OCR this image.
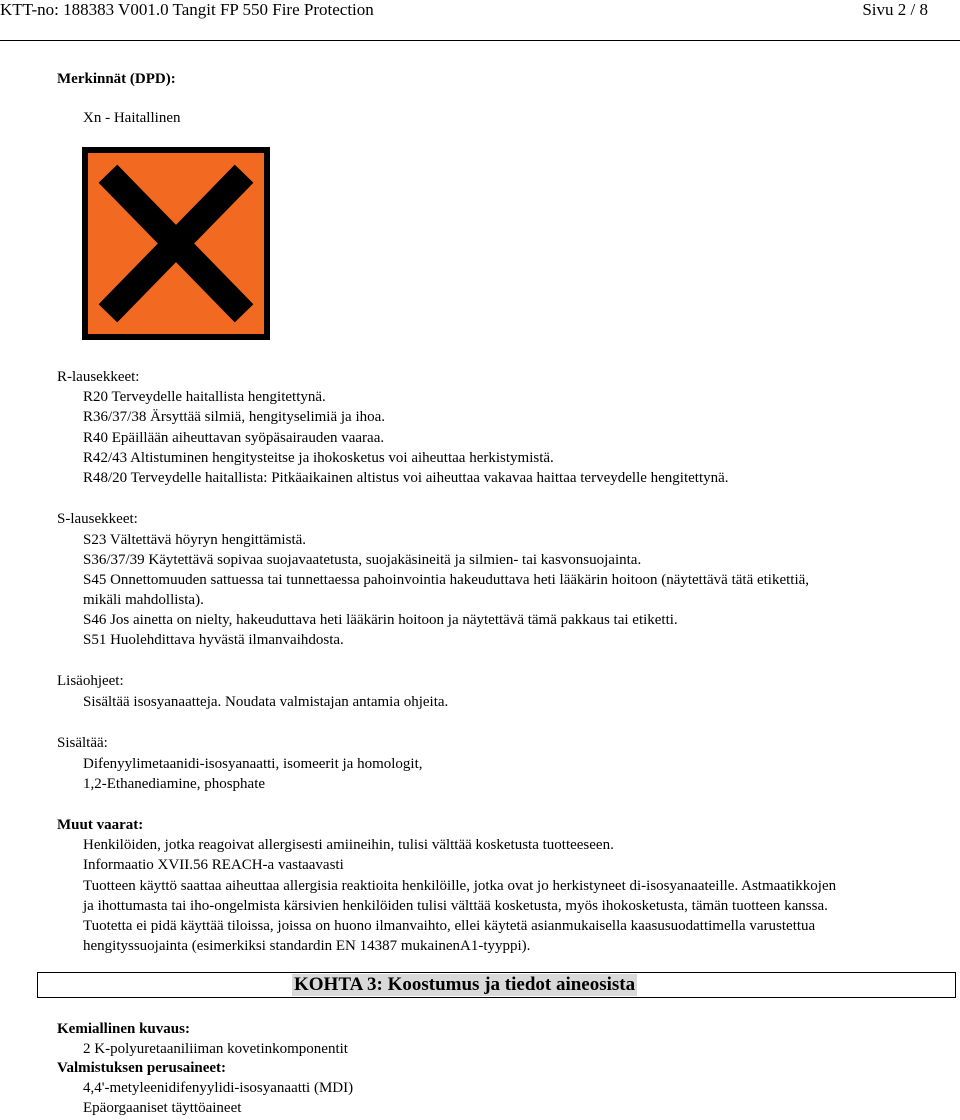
KTT-no: 188383 V001.0 Tangit FP 550 Fire Protection	Sivu 2 / 8
Merkinnät (DPD):
Xn - Haitallinen
R-lausekkeet:
R20 Terveydelle haitallista hengitettynä.
R36/37/38 Ärsyttää silmiä, hengityselimiä ja ihoa.
R40 Epäillään aiheuttavan syöpäsairauden vaaraa.
R42/43 Altistuminen hengitysteitse ja ihokosketus voi aiheuttaa herkistymistä.
R48/20 Terveydelle haitallista: Pitkäaikainen altistus voi aiheuttaa vakavaa haittaa terveydelle hengitettynä.
S-lausekkeet:
S23 Vältettävä höyryn hengittämistä.
S36/37/39 Käytettävä sopivaa suojavaatetusta, suojakäsineitä ja silmien- tai kasvonsuojainta.
S45 Onnettomuuden sattuessa tai tunnettaessa pahoinvointia hakeuduttava heti lääkärin hoitoon (näytettävä tätä etikettiä,
mikäli mahdollista).
S46 Jos ainetta on nielty, hakeuduttava heti lääkärin hoitoon ja näytettävä tämä pakkaus tai etiketti.
S51 Huolehdittava hyvästä ilmanvaihdosta.
Lisäohjeet:
Sisältää isosyanaatteja. Noudata valmistajan antamia ohjeita.
Sisältää:
Difenyylimetaanidi-isosyanaatti, isomeerit ja homologit,
1,2-Ethanediamine, phosphate
Muut vaarat:
Henkilöiden, jotka reagoivat allergisesti amiineihin, tulisi välttää kosketusta tuotteeseen.
Informaatio XVII.56 REACH-a vastaavasti
Tuotteen käyttö saattaa aiheuttaa allergisia reaktioita henkilöille, jotka ovat jo herkistyneet di-isosyanaateille. Astmaatikkojen
ja ihottumasta tai iho-ongelmista kärsivien henkilöiden tulisi välttää kosketusta, myös ihokosketusta, tämän tuotteen kanssa.
Tuotetta ei pidä käyttää tiloissa, joissa on huono ilmanvaihto, ellei käytetä asianmukaisella kaasusuodattimella varustettua
hengityssuojainta (esimerkiksi standardin EN 14387 mukainenA1-tyyppi).
KOHTA 3: Koostumus ja tiedot aineosista
Kemiallinen kuvaus:
2 K-polyuretaaniliiman kovetinkomponentit
Valmistuksen perusaineet:
4,4'-metyleenidifenyylidi-isosyanaatti (MDI)
Epäorgaaniset täyttöaineet
